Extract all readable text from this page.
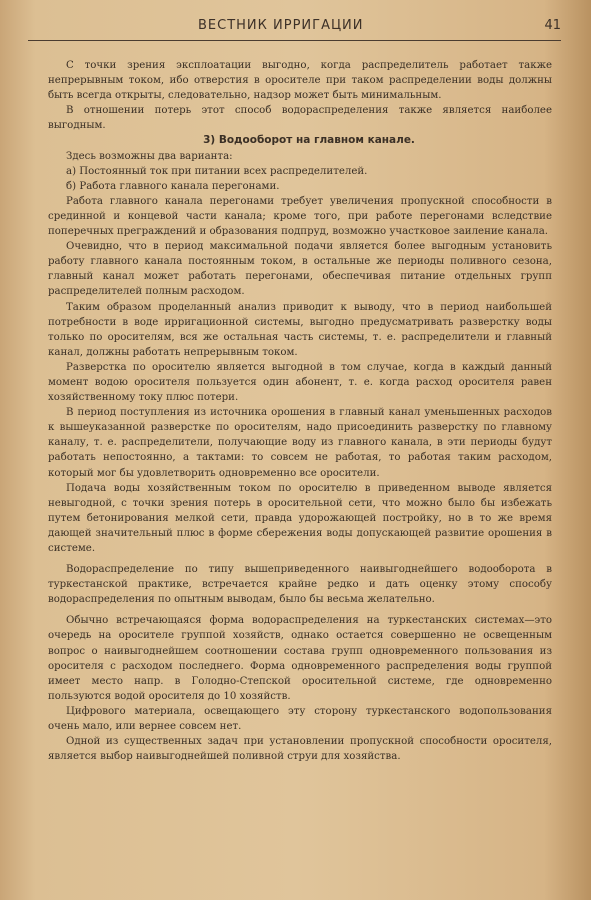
ВЕСТНИК ИРРИГАЦИИ	41

С точки зрения эксплоатации выгодно, когда распределитель работает также непрерывным током, ибо отверстия в оросителе при таком распределении воды должны быть всегда открыты, следовательно, надзор может быть минимальным.

В отношении потерь этот способ водораспределения также является наиболее выгодным.

3) Водооборот на главном канале.

Здесь возможны два варианта:

а) Постоянный ток при питании всех распределителей.

б) Работа главного канала перегонами.

Работа главного канала перегонами требует увеличения пропускной способности в срединной и концевой части канала; кроме того, при работе перегонами вследствие поперечных преграждений и образования подпруд, возможно участковое заиление канала.

Очевидно, что в период максимальной подачи является более выгодным установить работу главного канала постоянным током, в остальные же периоды поливного сезона, главный канал может работать перегонами, обеспечивая питание отдельных групп распределителей полным расходом.

Таким образом проделанный анализ приводит к выводу, что в период наибольшей потребности в воде ирригационной системы, выгодно предусматривать разверстку воды только по оросителям, вся же остальная часть системы, т. е. распределители и главный канал, должны работать непрерывным током.

Разверстка по оросителю является выгодной в том случае, когда в каждый данный момент водою оросителя пользуется один абонент, т. е. когда расход оросителя равен хозяйственному току плюс потери.

В период поступления из источника орошения в главный канал уменьшенных расходов к вышеуказанной разверстке по оросителям, надо присоединить разверстку по главному каналу, т. е. распределители, получающие воду из главного канала, в эти периоды будут работать непостоянно, а тактами: то совсем не работая, то работая таким расходом, который мог бы удовлетворить одновременно все оросители.

Подача воды хозяйственным током по оросителю в приведенном выводе является невыгодной, с точки зрения потерь в оросительной сети, что можно было бы избежать путем бетонирования мелкой сети, правда удорожающей постройку, но в то же время дающей значительный плюс в форме сбережения воды допускающей развитие орошения в системе.

Водораспределение по типу вышеприведенного наивыгоднейшего водооборота в туркестанской практике, встречается крайне редко и дать оценку этому способу водораспределения по опытным выводам, было бы весьма желательно.

Обычно встречающаяся форма водораспределения на туркестанских системах—это очередь на оросителе группой хозяйств, однако остается совершенно не освещенным вопрос о наивыгоднейшем соотношении состава групп одновременного пользования из оросителя с расходом последнего. Форма одновременного распределения воды группой имеет место напр. в Голодно-Степской оросительной системе, где одновременно пользуются водой оросителя до 10 хозяйств.

Цифрового материала, освещающего эту сторону туркестанского водопользования очень мало, или вернее совсем нет.

Одной из существенных задач при установлении пропускной способности оросителя, является выбор наивыгоднейшей поливной струи для хозяйства.
